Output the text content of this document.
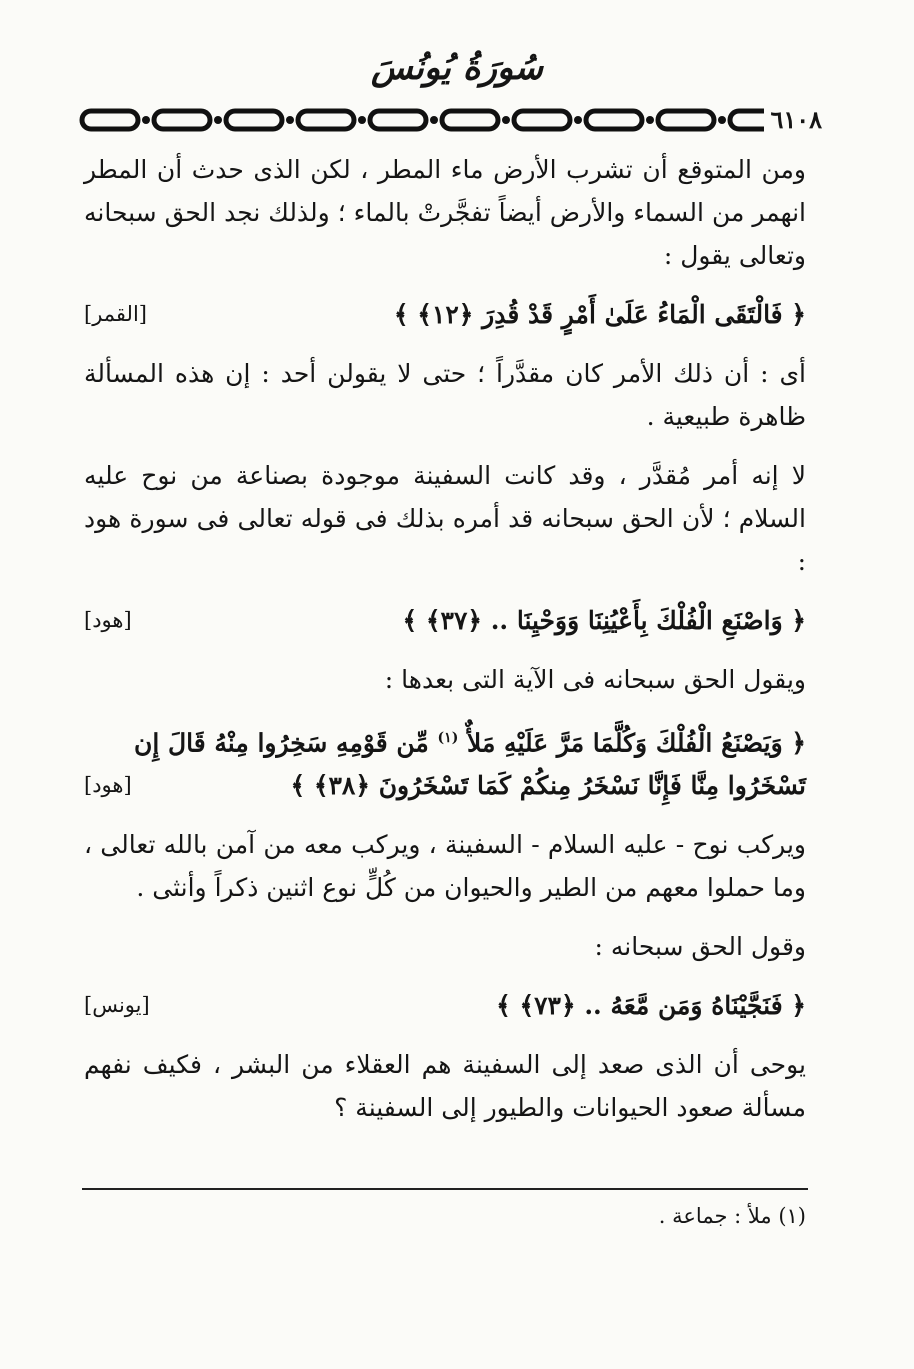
سُورَةُ يُونُسَ
٦١٠٨

ومن المتوقع أن تشرب الأرض ماء المطر ، لكن الذى حدث أن المطر انهمر من السماء والأرض أيضاً تفجَّرتْ بالماء ؛ ولذلك نجد الحق سبحانه وتعالى يقول :

﴿ فَالْتَقَى الْمَاءُ عَلَىٰ أَمْرٍ قَدْ قُدِرَ ﴿١٢﴾ ﴾
[القمر]

أى : أن ذلك الأمر كان مقدَّراً ؛ حتى لا يقولن أحد : إن هذه المسألة ظاهرة طبيعية .

لا إنه أمر مُقدَّر ، وقد كانت السفينة موجودة بصناعة من نوح عليه السلام ؛ لأن الحق سبحانه قد أمره بذلك فى قوله تعالى فى سورة هود :

﴿ وَاصْنَعِ الْفُلْكَ بِأَعْيُنِنَا وَوَحْيِنَا .. ﴿٣٧﴾ ﴾
[هود]

ويقول الحق سبحانه فى الآية التى بعدها :

﴿ وَيَصْنَعُ الْفُلْكَ وَكُلَّمَا مَرَّ عَلَيْهِ مَلأٌ $^{(١)}$ مِّن قَوْمِهِ سَخِرُوا مِنْهُ قَالَ إِن
تَسْخَرُوا مِنَّا فَإِنَّا نَسْخَرُ مِنكُمْ كَمَا تَسْخَرُونَ ﴿٣٨﴾ ﴾
[هود]

ويركب نوح - عليه السلام - السفينة ، ويركب معه من آمن بالله تعالى ، وما حملوا معهم من الطير والحيوان من كُلٍّ نوع اثنين ذكراً وأنثى .

وقول الحق سبحانه :

﴿ فَنَجَّيْنَاهُ وَمَن مَّعَهُ .. ﴿٧٣﴾ ﴾
[يونس]

يوحى أن الذى صعد إلى السفينة هم العقلاء من البشر ، فكيف نفهم مسألة صعود الحيوانات والطيور إلى السفينة ؟

(١) ملأ : جماعة .
